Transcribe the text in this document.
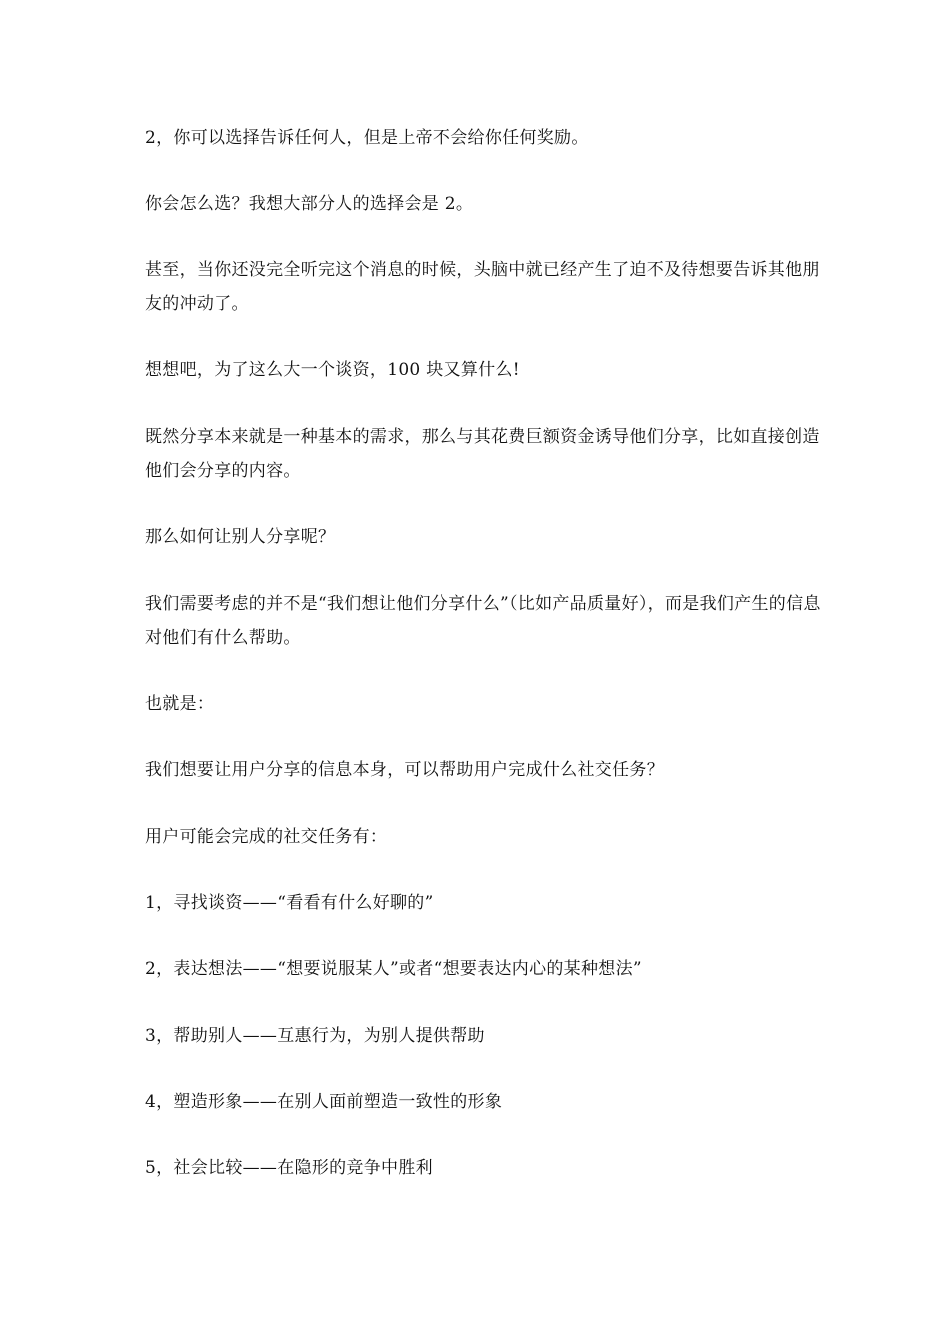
2，你可以选择告诉任何人，但是上帝不会给你任何奖励。

你会怎么选？我想大部分人的选择会是 2。

甚至，当你还没完全听完这个消息的时候，头脑中就已经产生了迫不及待想要告诉其他朋友的冲动了。

想想吧，为了这么大一个谈资，100 块又算什么!

既然分享本来就是一种基本的需求，那么与其花费巨额资金诱导他们分享，比如直接创造他们会分享的内容。

那么如何让别人分享呢？

我们需要考虑的并不是“我们想让他们分享什么”（比如产品质量好），而是我们产生的信息对他们有什么帮助。

也就是：

我们想要让用户分享的信息本身，可以帮助用户完成什么社交任务？

用户可能会完成的社交任务有：

1，寻找谈资——“看看有什么好聊的”

2，表达想法——“想要说服某人”或者“想要表达内心的某种想法”

3，帮助别人——互惠行为，为别人提供帮助

4，塑造形象——在别人面前塑造一致性的形象

5，社会比较——在隐形的竞争中胜利
